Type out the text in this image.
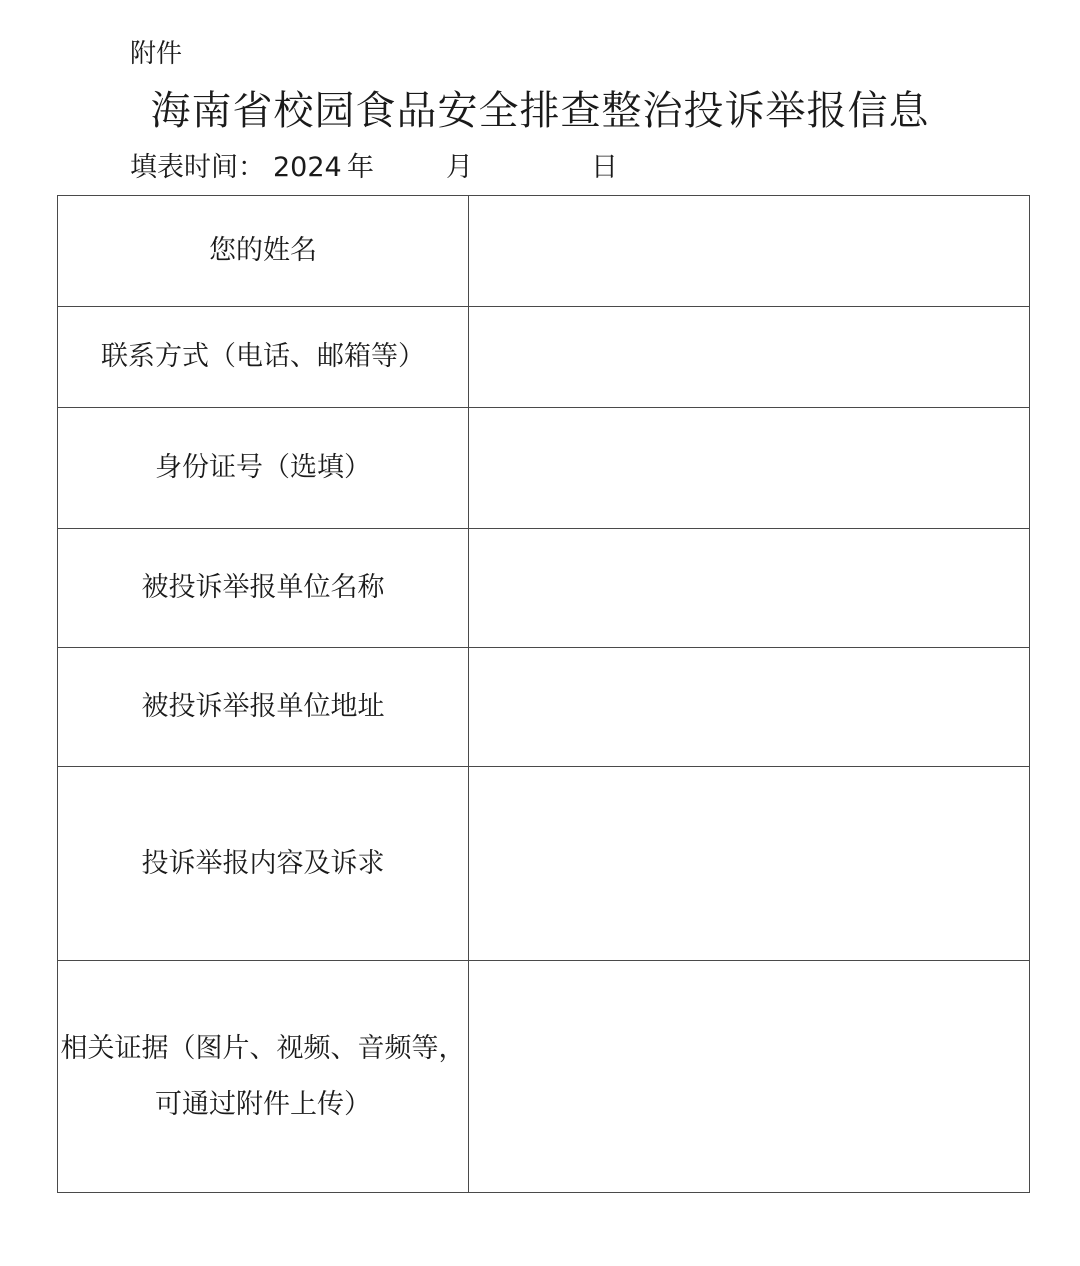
附件
海南省校园食品安全排查整治投诉举报信息
填表时间： 2024 年	月	日
您的姓名	
联系方式（电话、邮箱等）	
身份证号（选填）	
被投诉举报单位名称	
被投诉举报单位地址	
投诉举报内容及诉求	

相关证据（图片、视频、音频等，
可通过附件上传）	
